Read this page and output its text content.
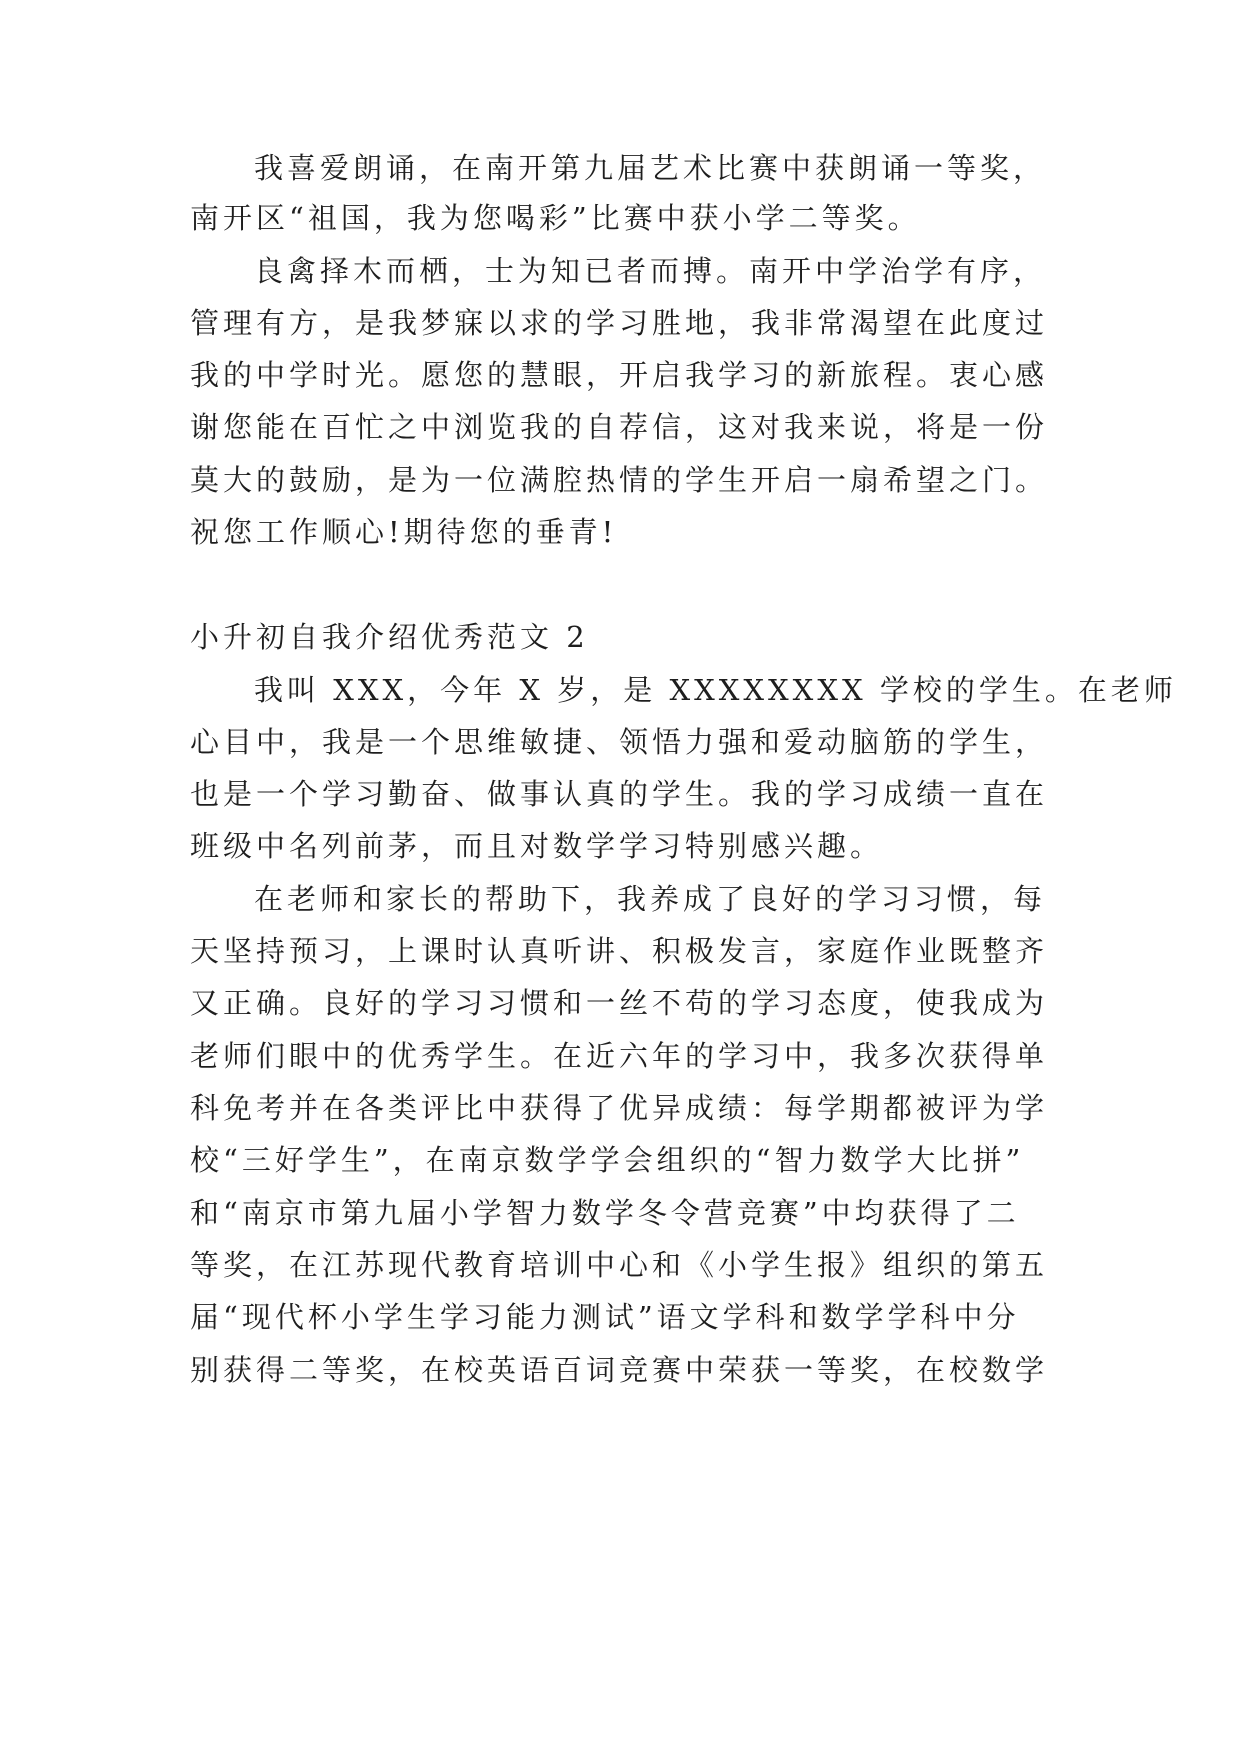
我喜爱朗诵，在南开第九届艺术比赛中获朗诵一等奖，
南开区“祖国，我为您喝彩”比赛中获小学二等奖。
良禽择木而栖，士为知已者而搏。南开中学治学有序，
管理有方，是我梦寐以求的学习胜地，我非常渴望在此度过
我的中学时光。愿您的慧眼，开启我学习的新旅程。衷心感
谢您能在百忙之中浏览我的自荐信，这对我来说，将是一份
莫大的鼓励，是为一位满腔热情的学生开启一扇希望之门。
祝您工作顺心!期待您的垂青!
小升初自我介绍优秀范文 2
我叫 XXX，今年 X 岁，是 XXXXXXXX 学校的学生。在老师
心目中，我是一个思维敏捷、领悟力强和爱动脑筋的学生，
也是一个学习勤奋、做事认真的学生。我的学习成绩一直在
班级中名列前茅，而且对数学学习特别感兴趣。
在老师和家长的帮助下，我养成了良好的学习习惯，每
天坚持预习，上课时认真听讲、积极发言，家庭作业既整齐
又正确。良好的学习习惯和一丝不苟的学习态度，使我成为
老师们眼中的优秀学生。在近六年的学习中，我多次获得单
科免考并在各类评比中获得了优异成绩：每学期都被评为学
校“三好学生”，在南京数学学会组织的“智力数学大比拼”
和“南京市第九届小学智力数学冬令营竞赛”中均获得了二
等奖，在江苏现代教育培训中心和《小学生报》组织的第五
届“现代杯小学生学习能力测试”语文学科和数学学科中分
别获得二等奖，在校英语百词竞赛中荣获一等奖，在校数学
